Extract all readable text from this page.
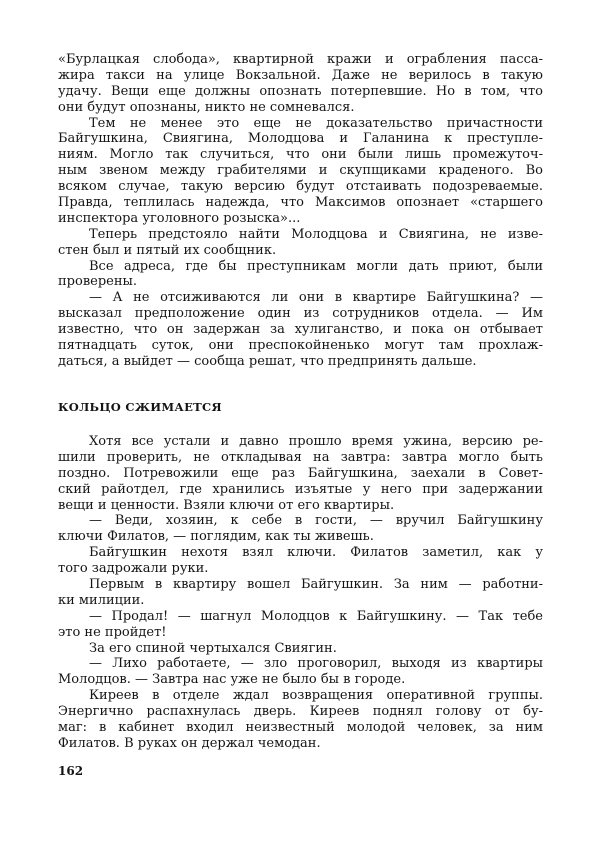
«Бурлацкая слобода», квартирной кражи и ограбления пасса-
жира такси на улице Вокзальной. Даже не верилось в такую
удачу. Вещи еще должны опознать потерпевшие. Но в том, что
они будут опознаны, никто не сомневался.
Тем не менее это еще не доказательство причастности
Байгушкина, Свиягина, Молодцова и Галанина к преступле-
ниям. Могло так случиться, что они были лишь промежуточ-
ным звеном между грабителями и скупщиками краденого. Во
всяком случае, такую версию будут отстаивать подозреваемые.
Правда, теплилась надежда, что Максимов опознает «старшего
инспектора уголовного розыска»...
Теперь предстояло найти Молодцова и Свиягина, не изве-
стен был и пятый их сообщник.
Все адреса, где бы преступникам могли дать приют, были
проверены.
— А не отсиживаются ли они в квартире Байгушкина? —
высказал предположение один из сотрудников отдела. — Им
известно, что он задержан за хулиганство, и пока он отбывает
пятнадцать суток, они преспокойненько могут там прохлаж-
даться, а выйдет — сообща решат, что предпринять дальше.
КОЛЬЦО СЖИМАЕТСЯ
Хотя все устали и давно прошло время ужина, версию ре-
шили проверить, не откладывая на завтра: завтра могло быть
поздно. Потревожили еще раз Байгушкина, заехали в Совет-
ский райотдел, где хранились изъятые у него при задержании
вещи и ценности. Взяли ключи от его квартиры.
— Веди, хозяин, к себе в гости, — вручил Байгушкину
ключи Филатов, — поглядим, как ты живешь.
Байгушкин нехотя взял ключи. Филатов заметил, как у
того задрожали руки.
Первым в квартиру вошел Байгушкин. За ним — работни-
ки милиции.
— Продал! — шагнул Молодцов к Байгушкину. — Так тебе
это не пройдет!
За его спиной чертыхался Свиягин.
— Лихо работаете, — зло проговорил, выходя из квартиры
Молодцов. — Завтра нас уже не было бы в городе.
Киреев в отделе ждал возвращения оперативной группы.
Энергично распахнулась дверь. Киреев поднял голову от бу-
маг: в кабинет входил неизвестный молодой человек, за ним
Филатов. В руках он держал чемодан.
162
